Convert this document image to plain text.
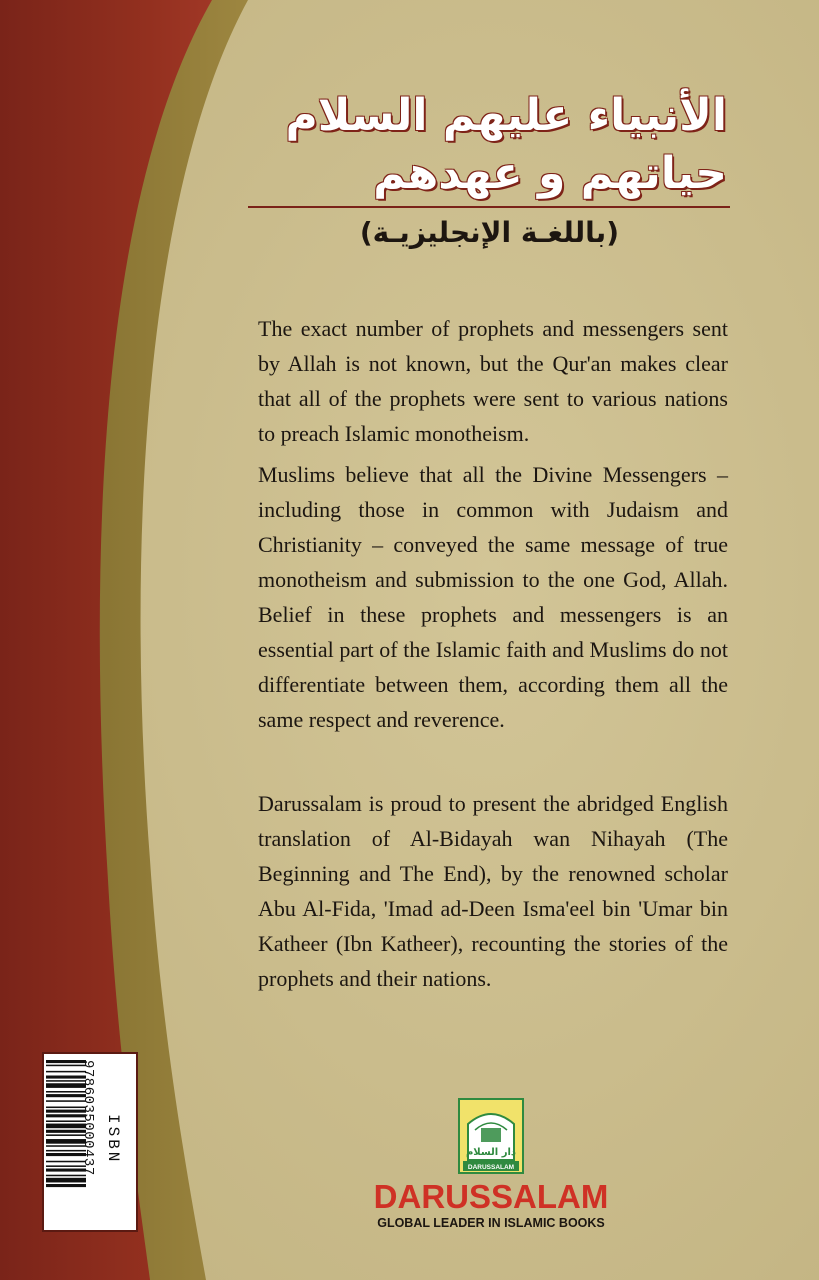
الأنبياء عليهم السلام
حياتهم و عهدهم
(باللغـة الإنجليزيـة)

The exact number of prophets and messengers sent by Allah is not known, but the Qur'an makes clear that all of the prophets were sent to various nations to preach Islamic monotheism.

Muslims believe that all the Divine Messengers – including those in common with Judaism and Christianity – conveyed the same message of true monotheism and submission to the one God, Allah. Belief in these prophets and messengers is an essential part of the Islamic faith and Muslims do not differentiate between them, according them all the same respect and reverence.

Darussalam is proud to present the abridged English translation of Al-Bidayah wan Nihayah (The Beginning and The End), by the renowned scholar Abu Al-Fida, 'Imad ad-Deen Isma'eel bin 'Umar bin Katheer (Ibn Katheer), recounting the stories of the prophets and their nations.

9786035000437 ISBN	دار السلام
DARUSSALAM
DARUSSALAM
GLOBAL LEADER IN ISLAMIC BOOKS
